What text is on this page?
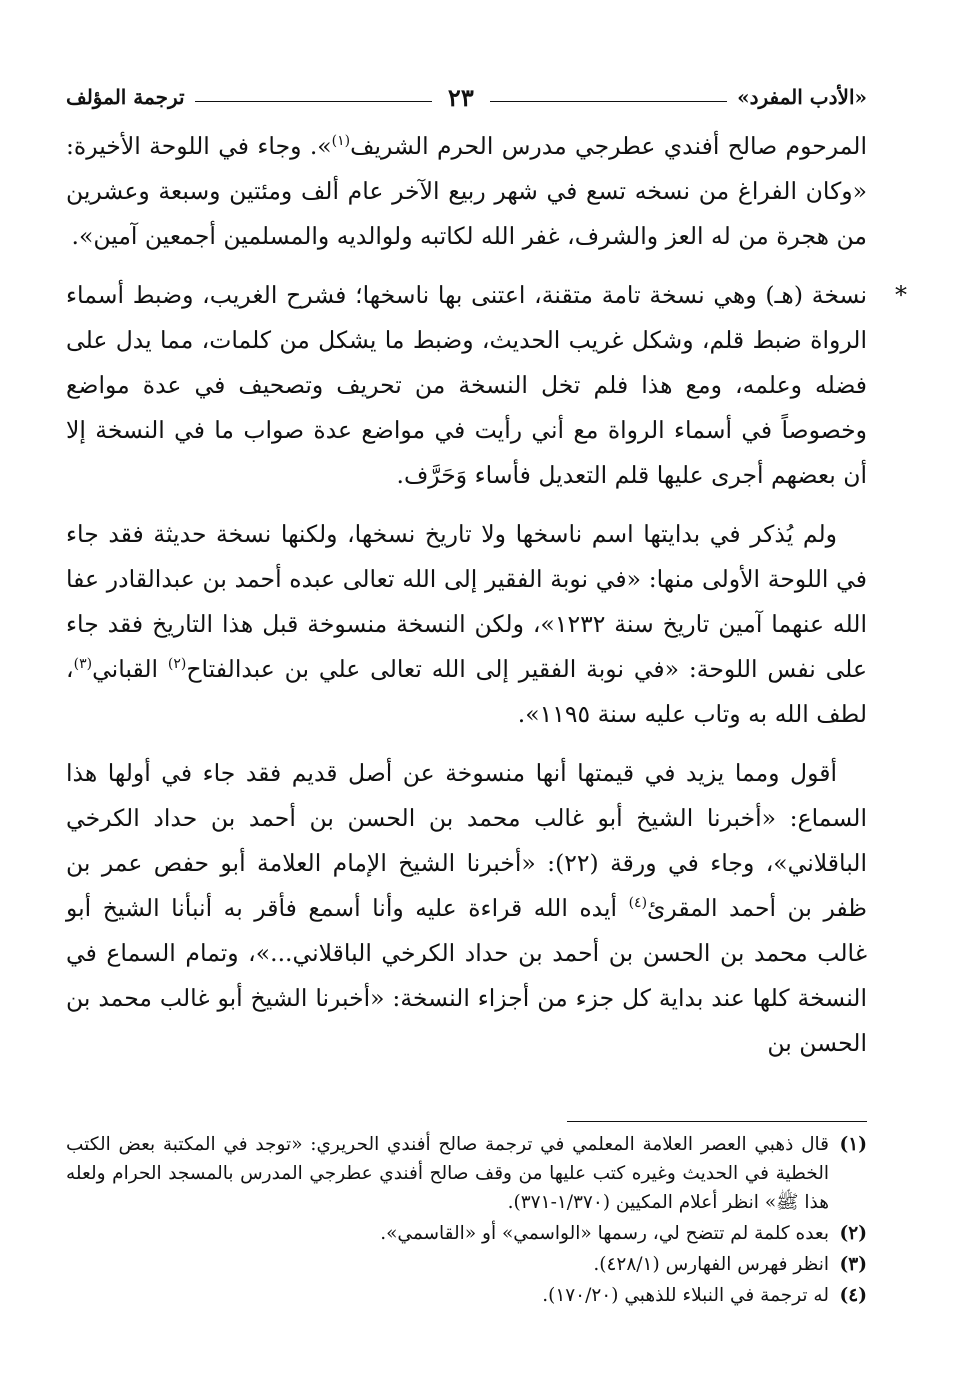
«الأدب المفرد»
٢٣
ترجمة المؤلف

المرحوم صالح أفندي عطرجي مدرس الحرم الشريف$^{(١)}$». وجاء في اللوحة الأخيرة: «وكان الفراغ من نسخه تسع في شهر ربيع الآخر عام ألف ومئتين وسبعة وعشرين من هجرة من له العز والشرف، غفر الله لكاتبه ولوالديه والمسلمين أجمعين آمين».

*

نسخة (هـ) وهي نسخة تامة متقنة، اعتنى بها ناسخها؛ فشرح الغريب، وضبط أسماء الرواة ضبط قلم، وشكل غريب الحديث، وضبط ما يشكل من كلمات، مما يدل على فضله وعلمه، ومع هذا فلم تخل النسخة من تحريف وتصحيف في عدة مواضع وخصوصاً في أسماء الرواة مع أني رأيت في مواضع عدة صواب ما في النسخة إلا أن بعضهم أجرى عليها قلم التعديل فأساء وَحَرَّف.

ولم يُذكر في بدايتها اسم ناسخها ولا تاريخ نسخها، ولكنها نسخة حديثة فقد جاء في اللوحة الأولى منها: «في نوبة الفقير إلى الله تعالى عبده أحمد بن عبدالقادر عفا الله عنهما آمين تاريخ سنة ١٢٣٢»، ولكن النسخة منسوخة قبل هذا التاريخ فقد جاء على نفس اللوحة: «في نوبة الفقير إلى الله تعالى علي بن عبدالفتاح$^{(٢)}$ القباني$^{(٣)}$، لطف الله به وتاب عليه سنة ١١٩٥».

أقول ومما يزيد في قيمتها أنها منسوخة عن أصل قديم فقد جاء في أولها هذا السماع: «أخبرنا الشيخ أبو غالب محمد بن الحسن بن أحمد بن حداد الكرخي الباقلاني»، وجاء في ورقة (٢٢): «أخبرنا الشيخ الإمام العلامة أبو حفص عمر بن ظفر بن أحمد المقرئ$^{(٤)}$ أيده الله قراءة عليه وأنا أسمع فأقر به أنبأنا الشيخ أبو غالب محمد بن الحسن بن أحمد بن حداد الكرخي الباقلاني...»، وتمام السماع في النسخة كلها عند بداية كل جزء من أجزاء النسخة: «أخبرنا الشيخ أبو غالب محمد بن الحسن بن

(١)
قال ذهبي العصر العلامة المعلمي في ترجمة صالح أفندي الحريري: «توجد في المكتبة بعض الكتب الخطية في الحديث وغيره كتب عليها من وقف صالح أفندي عطرجي المدرس بالمسجد الحرام ولعله هذا ﷺ» انظر أعلام المكيين (١/٣٧٠-٣٧١).
(٢)
بعده كلمة لم تتضح لي، رسمها «الواسمي» أو «القاسمي».
(٣)
انظر فهرس الفهارس (٤٢٨/١).
(٤)
له ترجمة في النبلاء للذهبي (١٧٠/٢٠).
